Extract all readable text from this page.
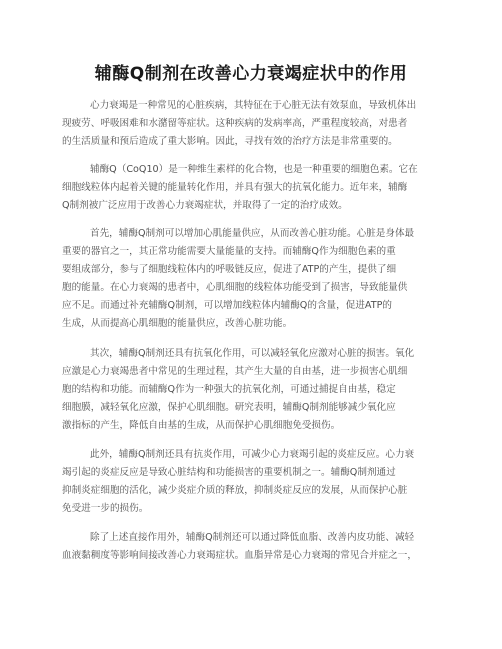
辅酶Q制剂在改善心力衰竭症状中的作用
心力衰竭是一种常见的心脏疾病，其特征在于心脏无法有效泵血，导致机体出
现疲劳、呼吸困难和水潴留等症状。这种疾病的发病率高，严重程度较高，对患者
的生活质量和预后造成了重大影响。因此，寻找有效的治疗方法是非常重要的。
辅酶Q（CoQ10）是一种维生素样的化合物，也是一种重要的细胞色素。它在
细胞线粒体内起着关键的能量转化作用，并具有强大的抗氧化能力。近年来，辅酶
Q制剂被广泛应用于改善心力衰竭症状，并取得了一定的治疗成效。
首先，辅酶Q制剂可以增加心肌能量供应，从而改善心脏功能。心脏是身体最
重要的器官之一，其正常功能需要大量能量的支持。而辅酶Q作为细胞色素的重
要组成部分，参与了细胞线粒体内的呼吸链反应，促进了ATP的产生，提供了细
胞的能量。在心力衰竭的患者中，心肌细胞的线粒体功能受到了损害，导致能量供
应不足。而通过补充辅酶Q制剂，可以增加线粒体内辅酶Q的含量，促进ATP的
生成，从而提高心肌细胞的能量供应，改善心脏功能。
其次，辅酶Q制剂还具有抗氧化作用，可以减轻氧化应激对心脏的损害。氧化
应激是心力衰竭患者中常见的生理过程，其产生大量的自由基，进一步损害心肌细
胞的结构和功能。而辅酶Q作为一种强大的抗氧化剂，可通过捕捉自由基，稳定
细胞膜，减轻氧化应激，保护心肌细胞。研究表明，辅酶Q制剂能够减少氧化应
激指标的产生，降低自由基的生成，从而保护心肌细胞免受损伤。
此外，辅酶Q制剂还具有抗炎作用，可减少心力衰竭引起的炎症反应。心力衰
竭引起的炎症反应是导致心脏结构和功能损害的重要机制之一。辅酶Q制剂通过
抑制炎症细胞的活化，减少炎症介质的释放，抑制炎症反应的发展，从而保护心脏
免受进一步的损伤。
除了上述直接作用外，辅酶Q制剂还可以通过降低血脂、改善内皮功能、减轻
血液黏稠度等影响间接改善心力衰竭症状。血脂异常是心力衰竭的常见合并症之一，
